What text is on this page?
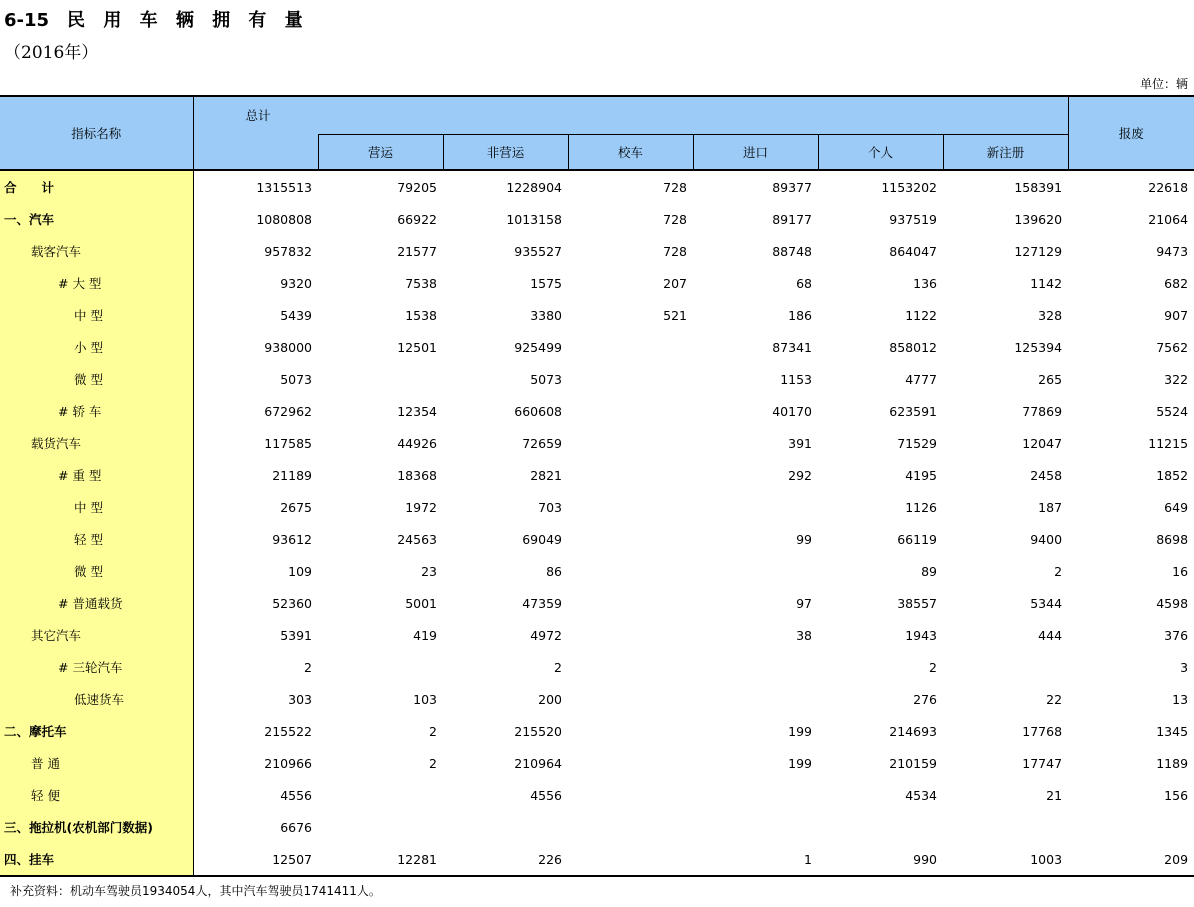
6-15 民 用 车 辆 拥 有 量
（2016年）
单位：辆
指标名称	总计							报废
		营运	非营运	校车	进口	个人	新注册	
合　　计	1315513	79205	1228904	728	89377	1153202	158391	22618
一、汽车	1080808	66922	1013158	728	89177	937519	139620	21064
载客汽车	957832	21577	935527	728	88748	864047	127129	9473
# 大 型	9320	7538	1575	207	68	136	1142	682
中 型	5439	1538	3380	521	186	1122	328	907
小 型	938000	12501	925499		87341	858012	125394	7562
微 型	5073		5073		1153	4777	265	322
# 轿 车	672962	12354	660608		40170	623591	77869	5524
载货汽车	117585	44926	72659		391	71529	12047	11215
# 重 型	21189	18368	2821		292	4195	2458	1852
中 型	2675	1972	703			1126	187	649
轻 型	93612	24563	69049		99	66119	9400	8698
微 型	109	23	86			89	2	16
# 普通载货	52360	5001	47359		97	38557	5344	4598
其它汽车	5391	419	4972		38	1943	444	376
# 三轮汽车	2		2			2		3
低速货车	303	103	200			276	22	13
二、摩托车	215522	2	215520		199	214693	17768	1345
普 通	210966	2	210964		199	210159	17747	1189
轻 便	4556		4556			4534	21	156
三、拖拉机(农机部门数据)	6676							
四、挂车	12507	12281	226		1	990	1003	209
补充资料：机动车驾驶员1934054人，其中汽车驾驶员1741411人。
